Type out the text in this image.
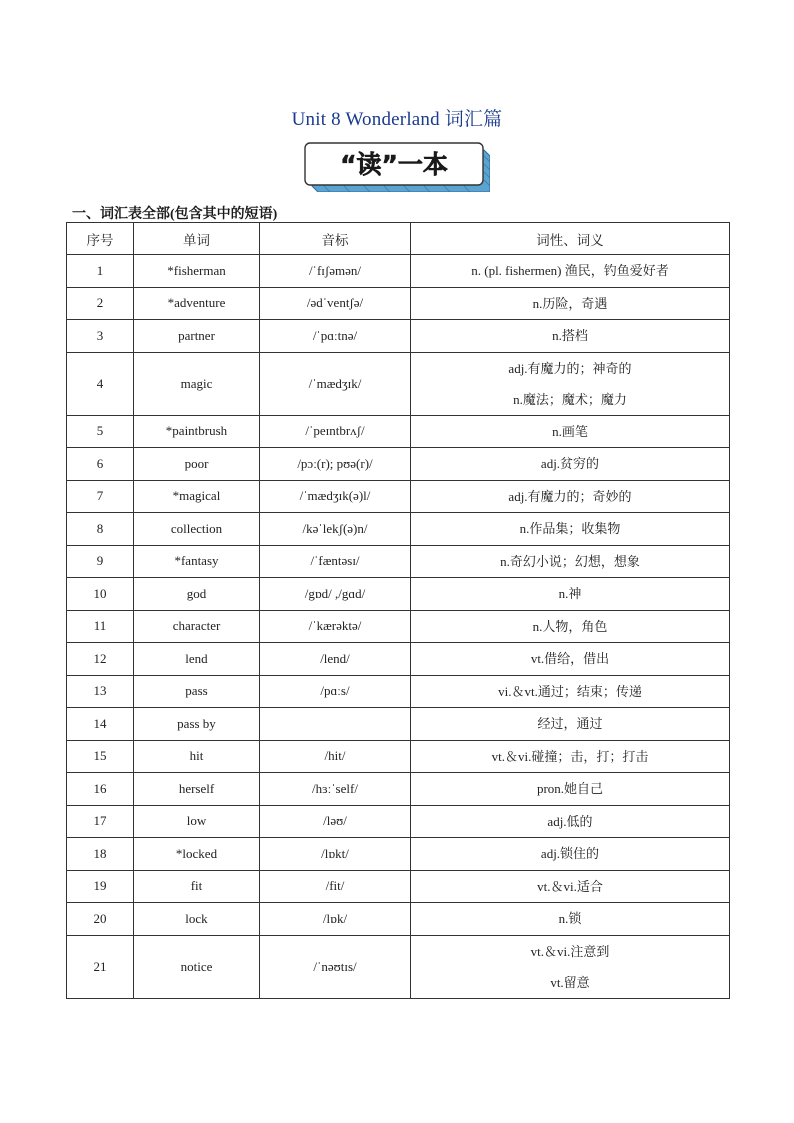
Unit 8 Wonderland 词汇篇
“读”一本
一、词汇表全部(包含其中的短语)
序号	单词	音标	词性、词义
1	*fisherman	/ˈfɪʃəmən/	n. (pl. fishermen) 渔民，钓鱼爱好者

2	*adventure	/ədˈventʃə/	n.历险，奇遇

3	partner	/ˈpɑːtnə/	n.搭档

4	magic	/ˈmædʒɪk/	adj.有魔力的；神奇的
n.魔法；魔术；魔力

5	*paintbrush	/ˈpeɪntbrʌʃ/	n.画笔

6	poor	/pɔː(r); pʊə(r)/	adj.贫穷的

7	*magical	/ˈmædʒɪk(ə)l/	adj.有魔力的；奇妙的

8	collection	/kəˈlekʃ(ə)n/	n.作品集；收集物

9	*fantasy	/ˈfæntəsɪ/	n.奇幻小说；幻想，想象

10	god	/gɒd/ ,/gɑd/	n.神

11	character	/ˈkærəktə/	n.人物，角色

12	lend	/lend/	vt.借给，借出

13	pass	/pɑːs/	vi.＆vt.通过；结束；传递

14	pass by		经过，通过

15	hit	/hit/	vt.＆vi.碰撞；击，打；打击

16	herself	/hɜːˈself/	pron.她自己

17	low	/ləʊ/	adj.低的

18	*locked	/lɒkt/	adj.锁住的

19	fit	/fit/	vt.＆vi.适合

20	lock	/lɒk/	n.锁

21	notice	/ˈnəʊtɪs/	vt.＆vi.注意到
vt.留意
